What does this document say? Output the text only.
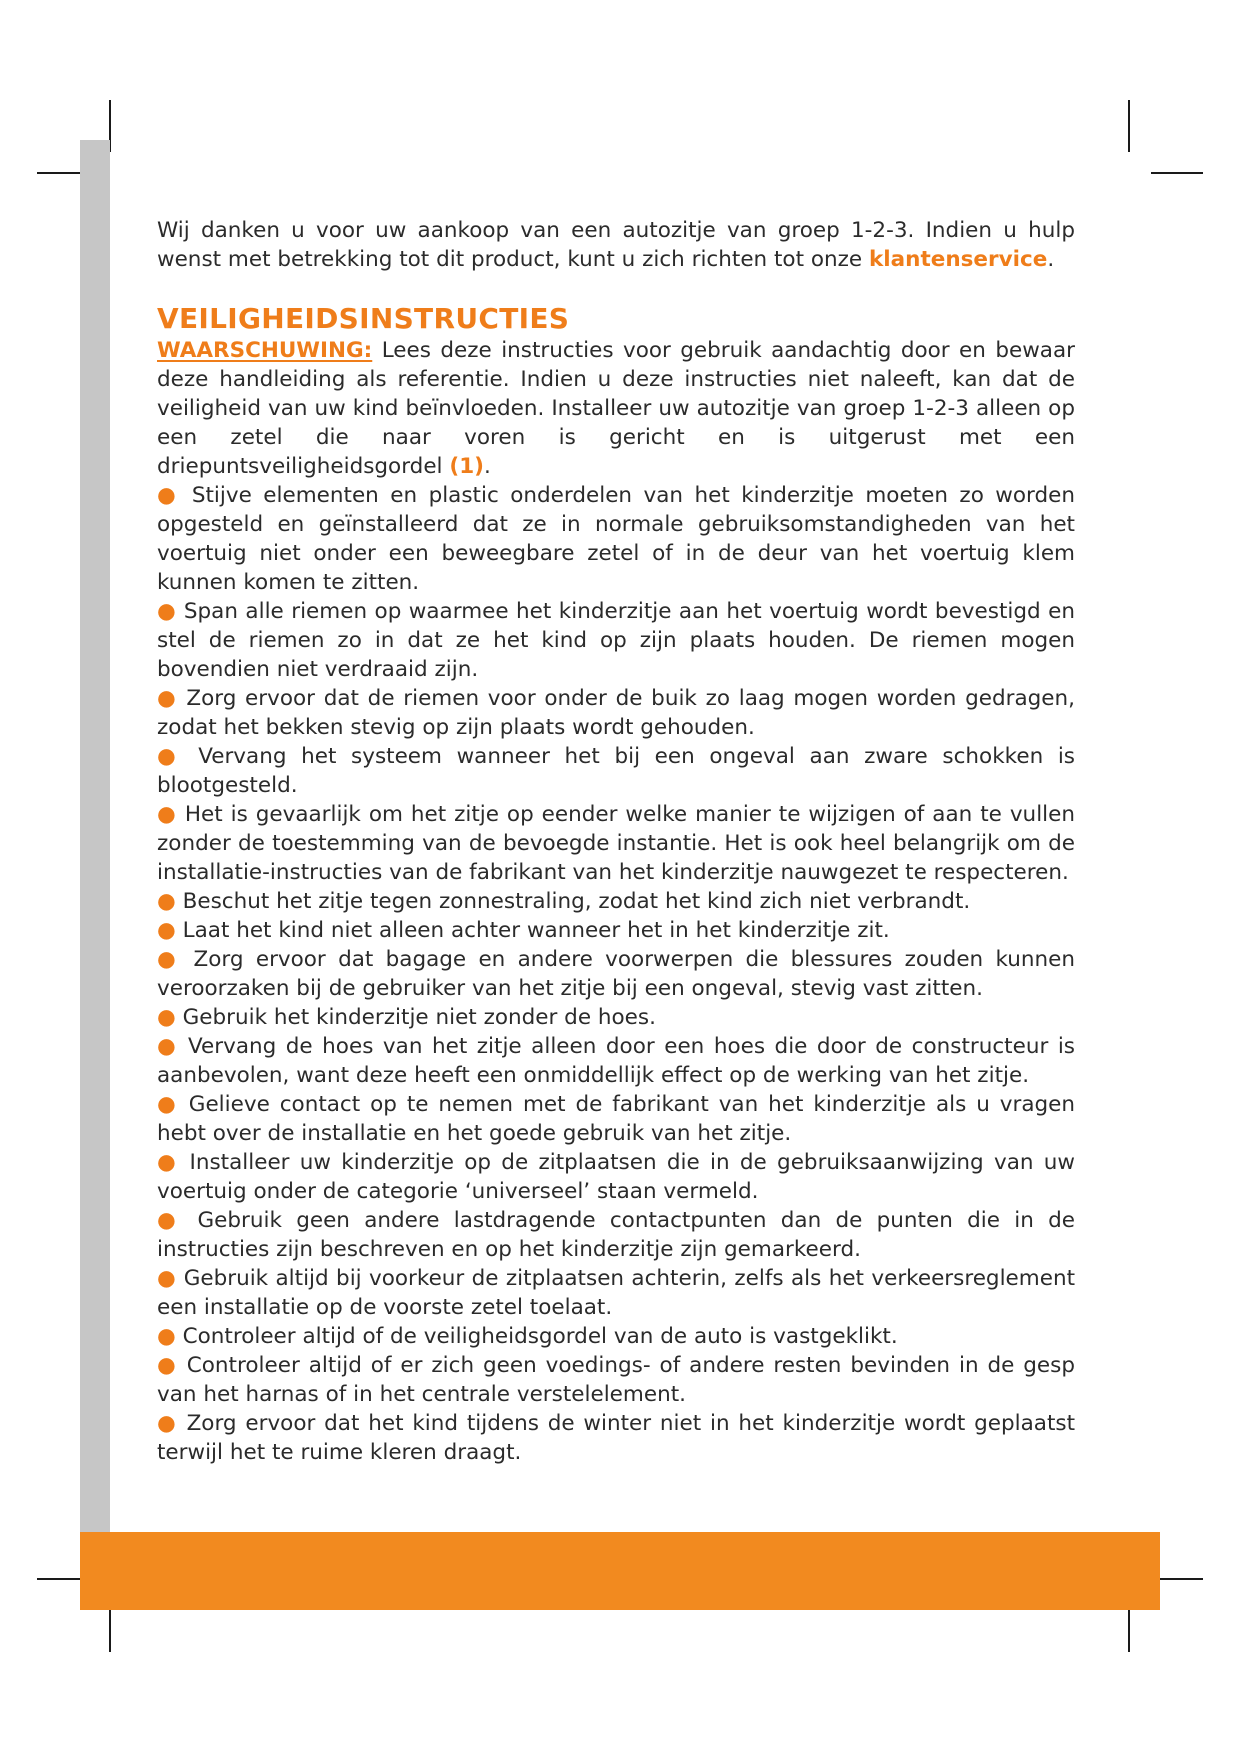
Wij danken u voor uw aankoop van een autozitje van groep 1-2-3. Indien u hulp wenst met betrekking tot dit product, kunt u zich richten tot onze klantenservice.

VEILIGHEIDSINSTRUCTIES

WAARSCHUWING: Lees deze instructies voor gebruik aandachtig door en bewaar deze handleiding als referentie. Indien u deze instructies niet naleeft, kan dat de veiligheid van uw kind beïnvloeden. Installeer uw autozitje van groep 1-2-3 alleen op een zetel die naar voren is gericht en is uitgerust met een driepuntsveiligheidsgordel (1).

● Stijve elementen en plastic onderdelen van het kinderzitje moeten zo worden opgesteld en geïnstalleerd dat ze in normale gebruiksomstandigheden van het voertuig niet onder een beweegbare zetel of in de deur van het voertuig klem kunnen komen te zitten.
● Span alle riemen op waarmee het kinderzitje aan het voertuig wordt bevestigd en stel de riemen zo in dat ze het kind op zijn plaats houden. De riemen mogen bovendien niet verdraaid zijn.
● Zorg ervoor dat de riemen voor onder de buik zo laag mogen worden gedragen, zodat het bekken stevig op zijn plaats wordt gehouden.
● Vervang het systeem wanneer het bij een ongeval aan zware schokken is blootgesteld.
● Het is gevaarlijk om het zitje op eender welke manier te wijzigen of aan te vullen zonder de toestemming van de bevoegde instantie. Het is ook heel belangrijk om de installatie-instructies van de fabrikant van het kinderzitje nauwgezet te respecteren.
● Beschut het zitje tegen zonnestraling, zodat het kind zich niet verbrandt.
● Laat het kind niet alleen achter wanneer het in het kinderzitje zit.
● Zorg ervoor dat bagage en andere voorwerpen die blessures zouden kunnen veroorzaken bij de gebruiker van het zitje bij een ongeval, stevig vast zitten.
● Gebruik het kinderzitje niet zonder de hoes.
● Vervang de hoes van het zitje alleen door een hoes die door de constructeur is aanbevolen, want deze heeft een onmiddellijk effect op de werking van het zitje.
● Gelieve contact op te nemen met de fabrikant van het kinderzitje als u vragen hebt over de installatie en het goede gebruik van het zitje.
● Installeer uw kinderzitje op de zitplaatsen die in de gebruiksaanwijzing van uw voertuig onder de categorie ‘universeel’ staan vermeld.
● Gebruik geen andere lastdragende contactpunten dan de punten die in de instructies zijn beschreven en op het kinderzitje zijn gemarkeerd.
● Gebruik altijd bij voorkeur de zitplaatsen achterin, zelfs als het verkeersreglement een installatie op de voorste zetel toelaat.
● Controleer altijd of de veiligheidsgordel van de auto is vastgeklikt.
● Controleer altijd of er zich geen voedings- of andere resten bevinden in de gesp van het harnas of in het centrale verstelelement.
● Zorg ervoor dat het kind tijdens de winter niet in het kinderzitje wordt geplaatst terwijl het te ruime kleren draagt.
